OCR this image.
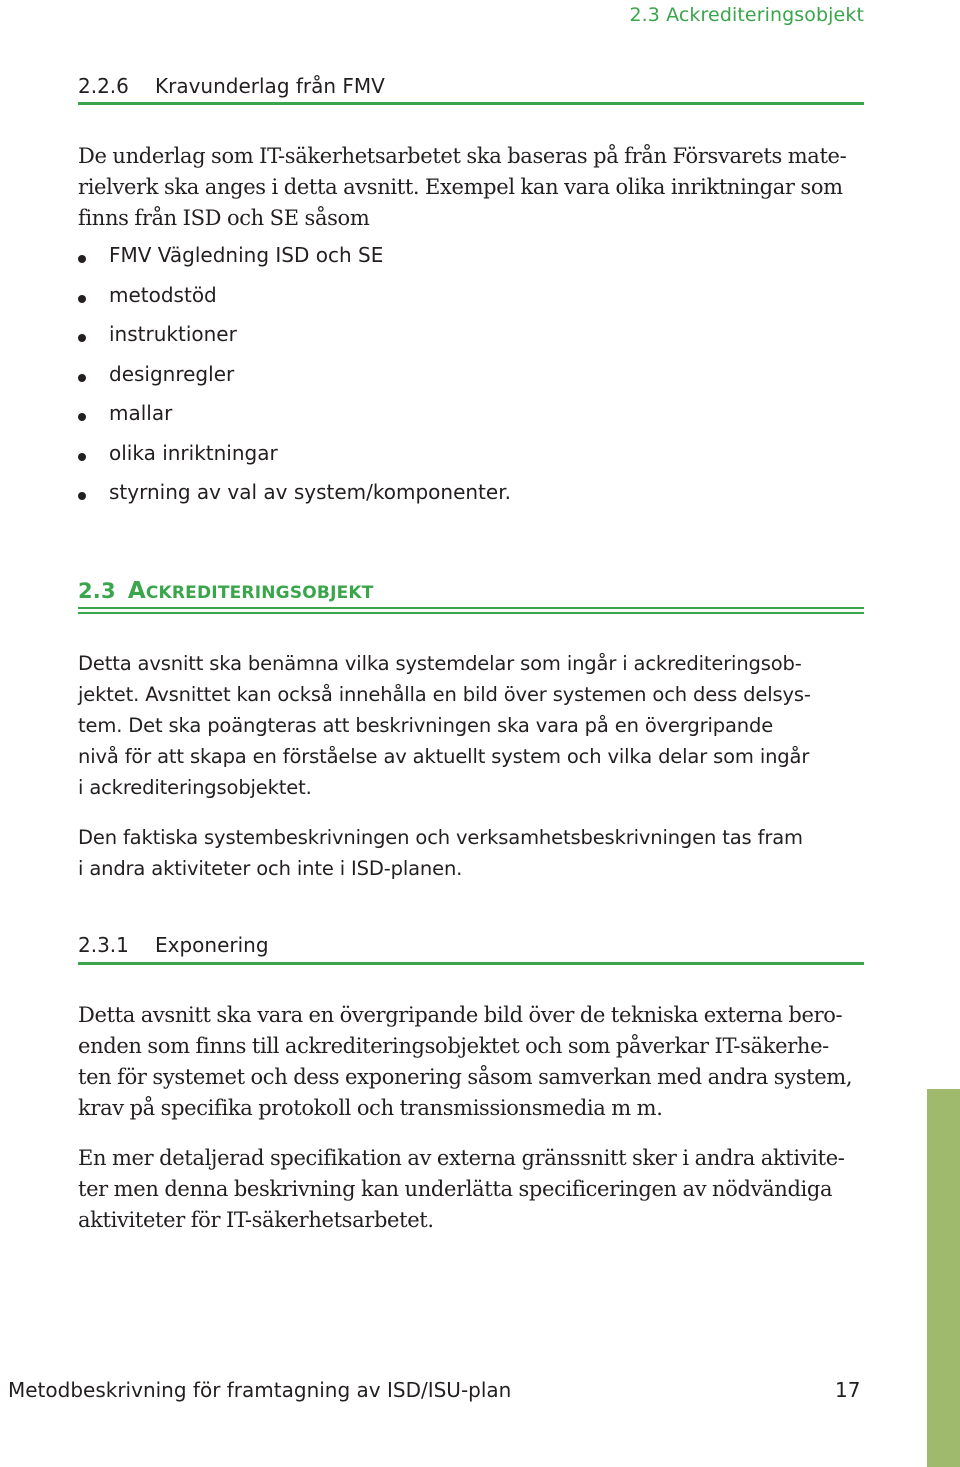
2.3 Ackrediteringsobjekt
2.2.6 Kravunderlag från FMV

De underlag som IT-säkerhetsarbetet ska baseras på från Försvarets mate-
rielverk ska anges i detta avsnitt. Exempel kan vara olika inriktningar som
finns från ISD och SE såsom

FMV Vägledning ISD och SE
metodstöd
instruktioner
designregler
mallar
olika inriktningar
styrning av val av system/komponenter.
2.3 ACKREDITERINGSOBJEKT

Detta avsnitt ska benämna vilka systemdelar som ingår i ackrediteringsob-
jektet. Avsnittet kan också innehålla en bild över systemen och dess delsys-
tem. Det ska poängteras att beskrivningen ska vara på en övergripande
nivå för att skapa en förståelse av aktuellt system och vilka delar som ingår
i ackrediteringsobjektet.

Den faktiska systembeskrivningen och verksamhetsbeskrivningen tas fram
i andra aktiviteter och inte i ISD-planen.

2.3.1 Exponering

Detta avsnitt ska vara en övergripande bild över de tekniska externa bero-
enden som finns till ackrediteringsobjektet och som påverkar IT-säkerhe-
ten för systemet och dess exponering såsom samverkan med andra system,
krav på specifika protokoll och transmissionsmedia m m.

En mer detaljerad specifikation av externa gränssnitt sker i andra aktivite-
ter men denna beskrivning kan underlätta specificeringen av nödvändiga
aktiviteter för IT-säkerhetsarbetet.

Metodbeskrivning för framtagning av ISD/ISU-plan	17
